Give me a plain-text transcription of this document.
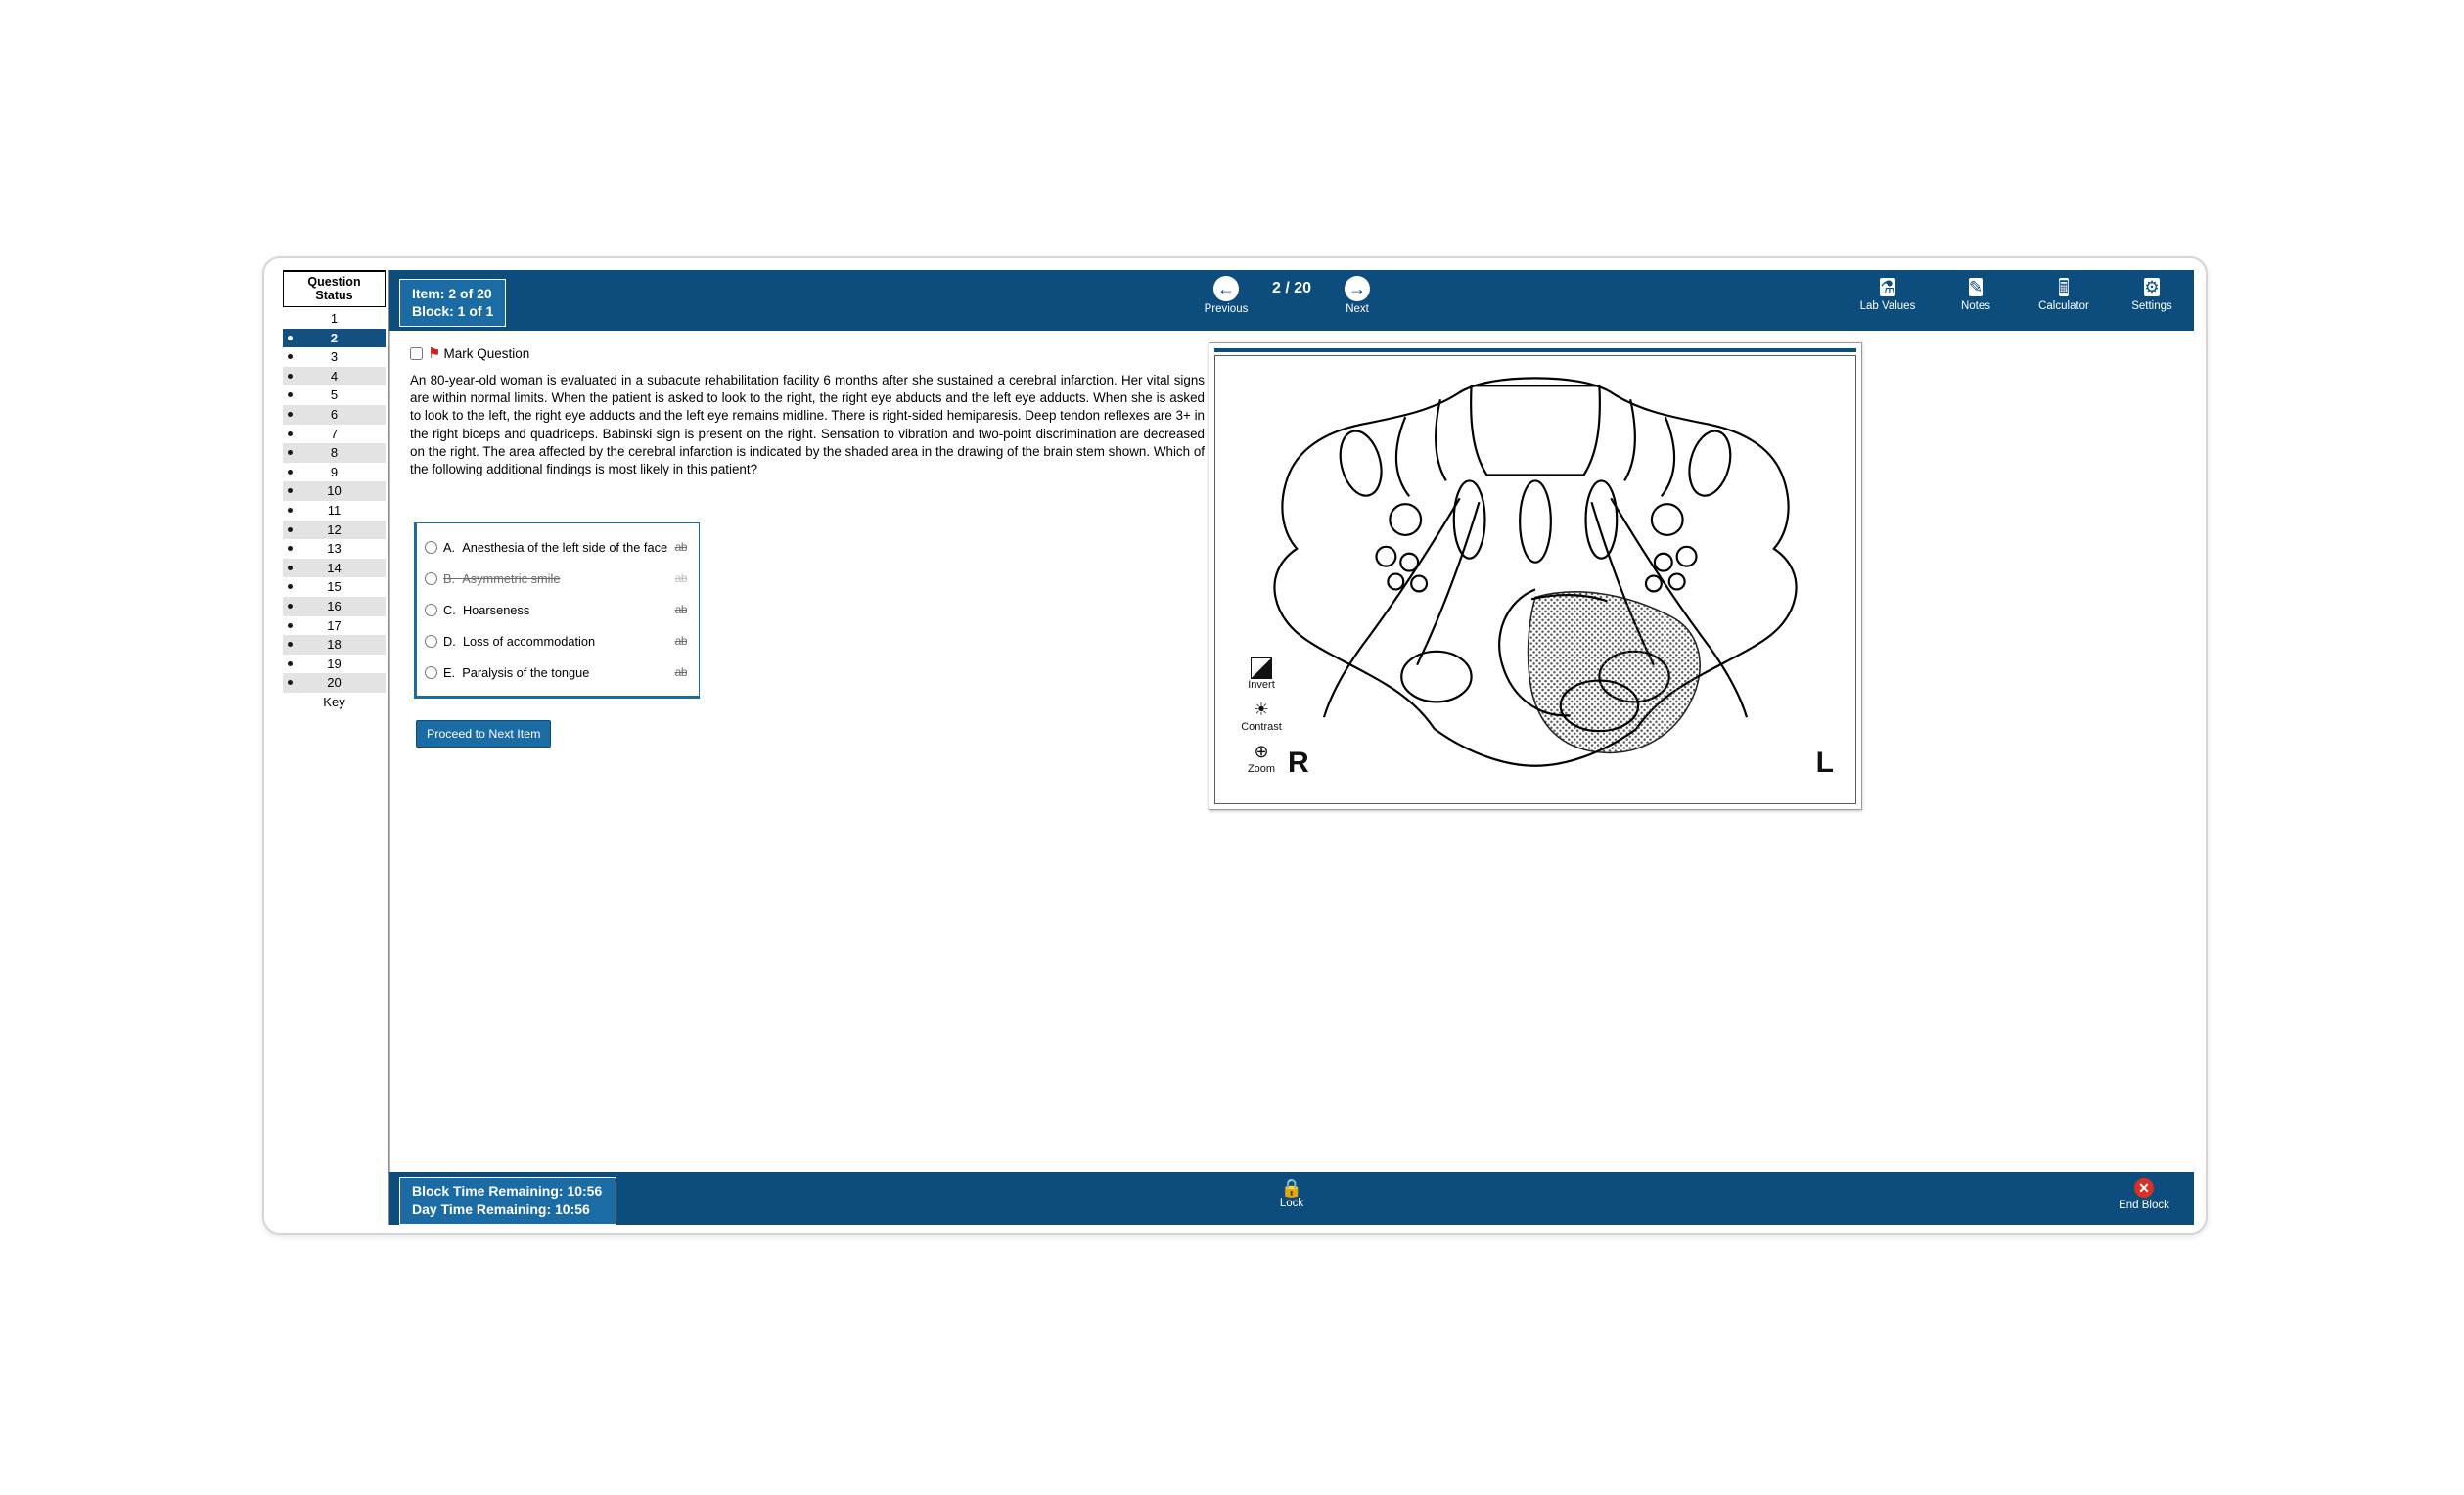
Question
Status
1
2
3
4
5
6
7
8
9
10
11
12
13
14
15
16
17
18
19
20
Key
Item: 2 of 20
Block: 1 of 1
←
Previous
2 / 20 →
Next
⚗
Lab Values
✎
Notes
🖩
Calculator
⚙
Settings
⚑ Mark Question
An 80-year-old woman is evaluated in a subacute rehabilitation facility 6 months after she sustained a cerebral infarction. Her vital signs are within normal limits. When the patient is asked to look to the right, the right eye abducts and the left eye adducts. When she is asked to look to the left, the right eye adducts and the left eye remains midline. There is right-sided hemiparesis. Deep tendon reflexes are 3+ in the right biceps and quadriceps. Babinski sign is present on the right. Sensation to vibration and two-point discrimination are decreased on the right. The area affected by the cerebral infarction is indicated by the shaded area in the drawing of the brain stem shown. Which of the following additional findings is most likely in this patient?
A. Anesthesia of the left side of the face ab
B. Asymmetric smile	ab
C. Hoarseness	ab
D. Loss of accommodation	ab
E. Paralysis of the tongue	ab
Proceed to Next Item
Invert
☀
Contrast
⊕
Zoom R	L
Block Time Remaining: 10:56
Day Time Remaining: 10:56
🔒
Lock
✕
End Block
